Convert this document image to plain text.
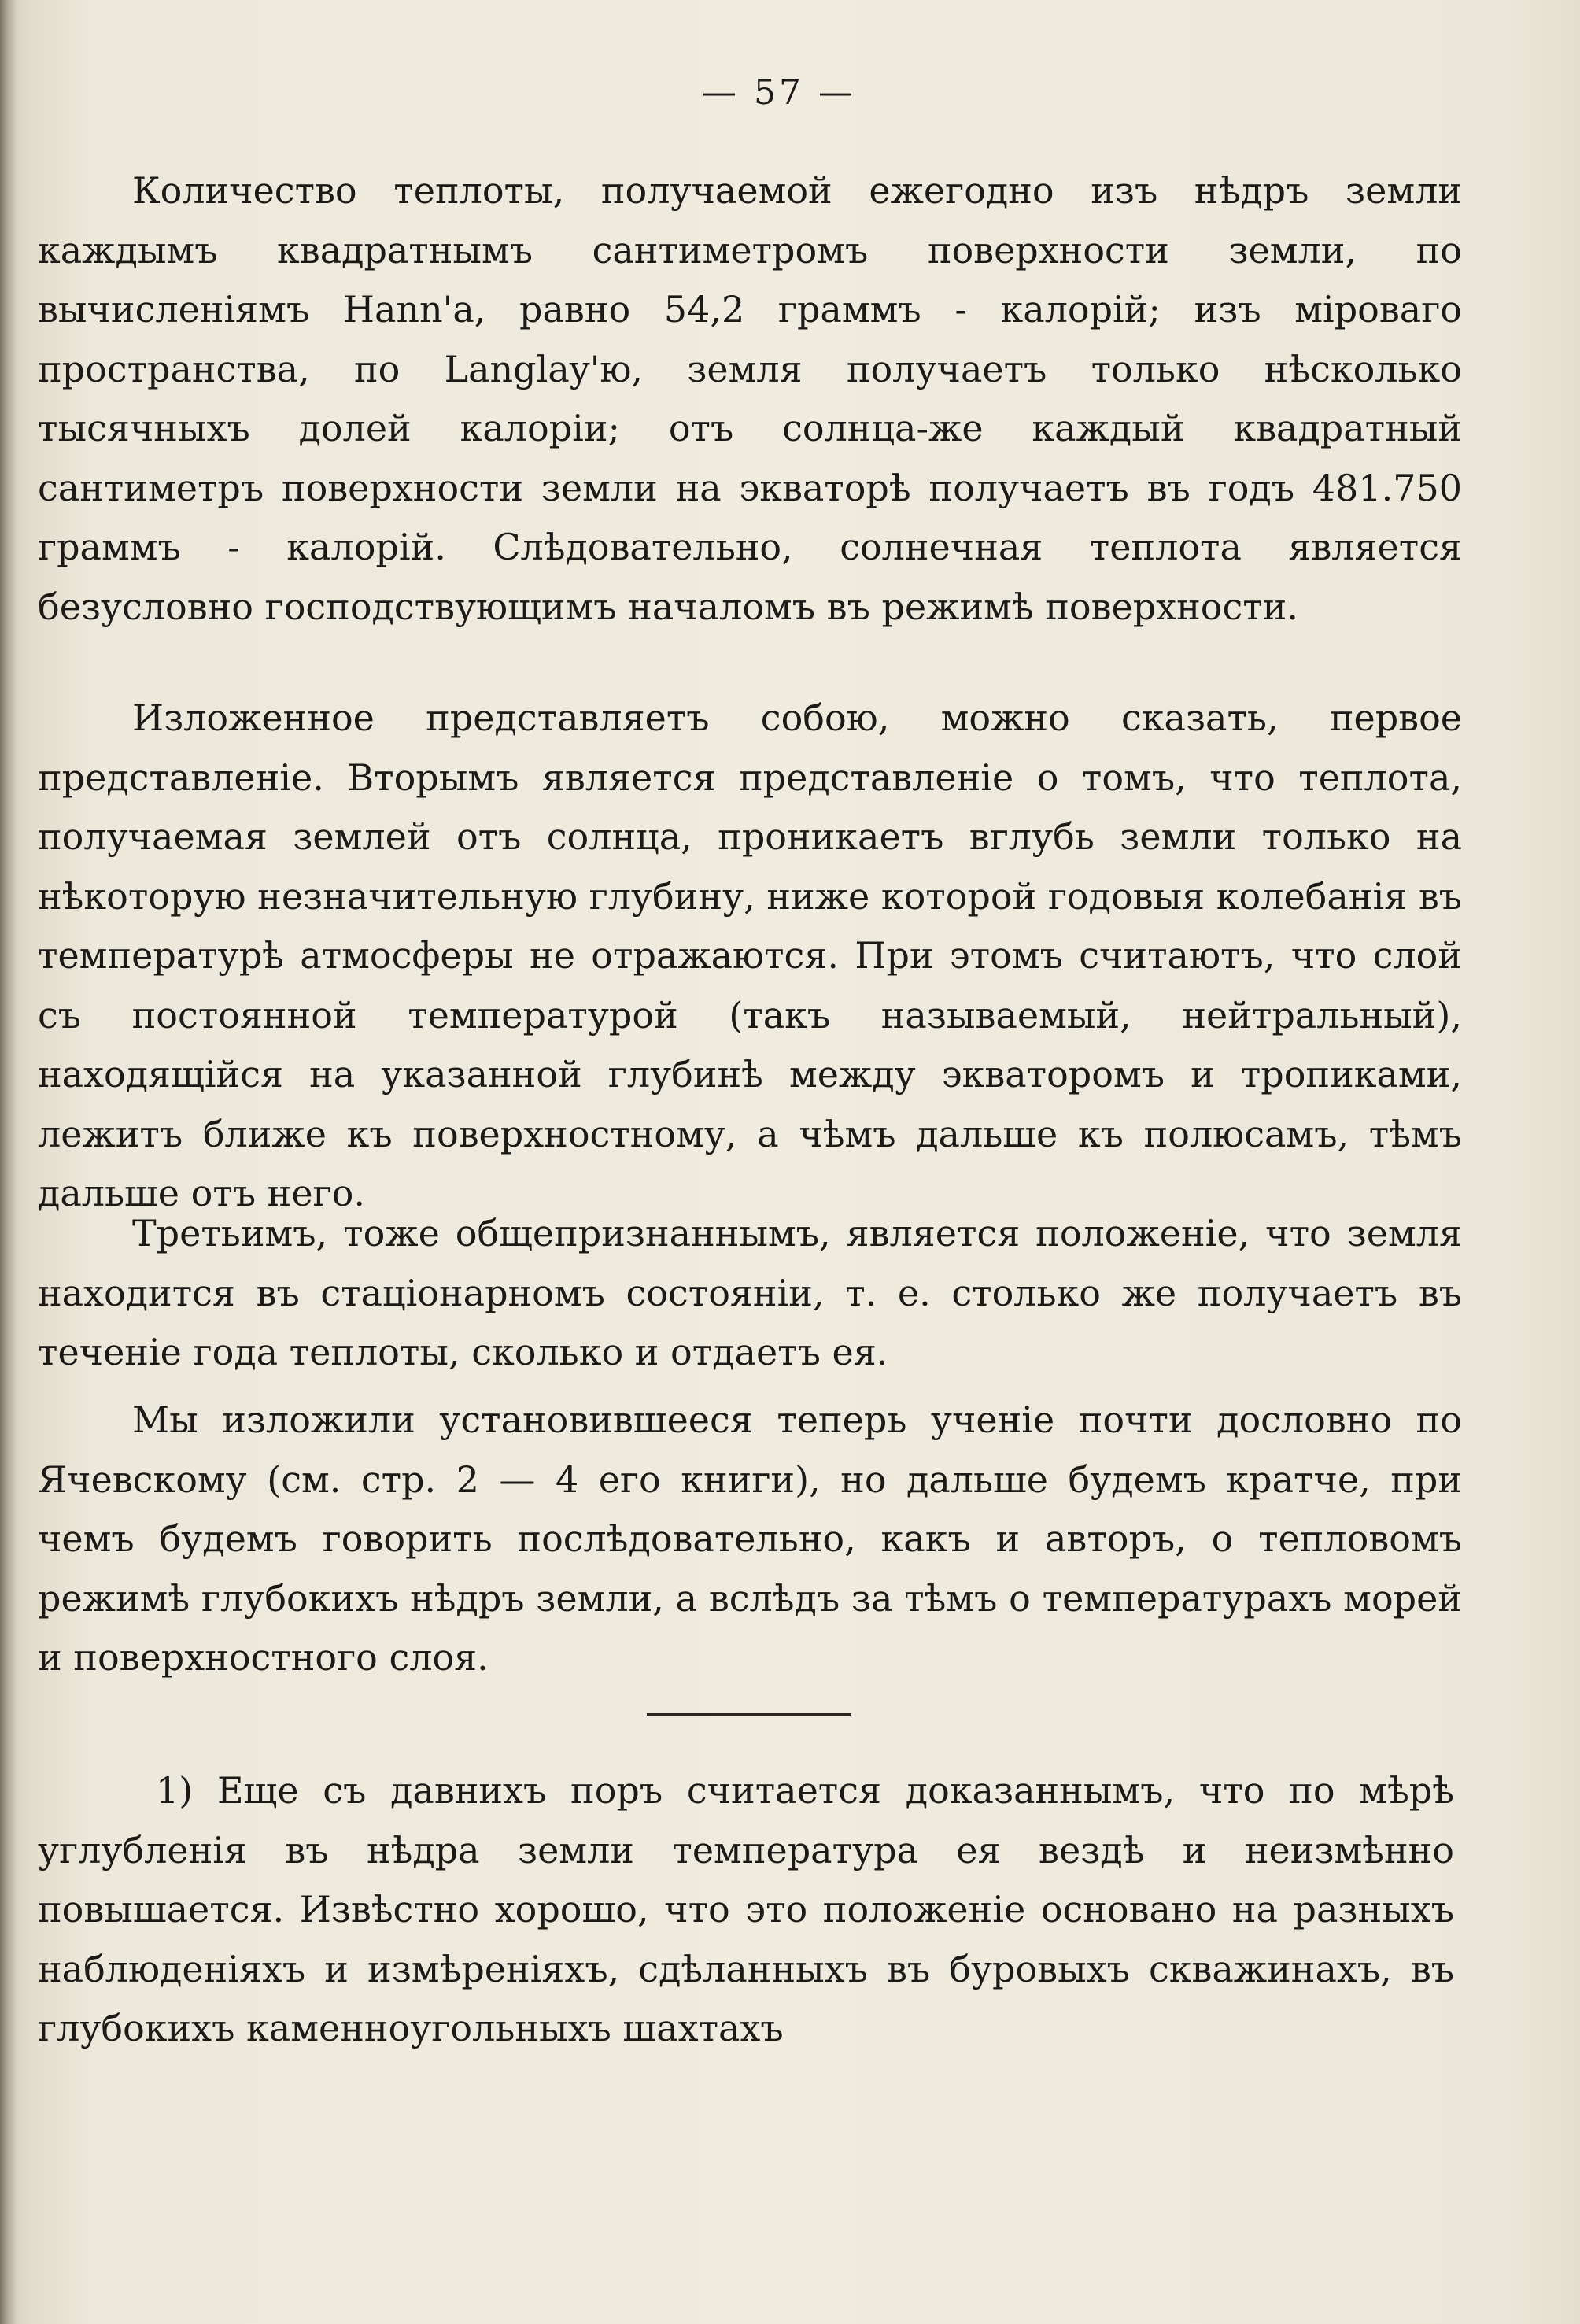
— 57 —

Количество теплоты, получаемой ежегодно изъ нѣдръ земли каждымъ квадратнымъ сантиметромъ поверхности земли, по вычисленіямъ Hann'a, равно 54,2 граммъ - калорій; изъ міроваго пространства, по Langlay'ю, земля получаетъ только нѣсколько тысячныхъ долей калоріи; отъ солнца-же каждый квадратный сантиметръ поверхности земли на экваторѣ получаетъ въ годъ 481.750 граммъ - калорій. Слѣдовательно, солнечная теплота является безусловно господствующимъ началомъ въ режимѣ поверхности.

Изложенное представляетъ собою, можно сказать, первое представленіе. Вторымъ является представленіе о томъ, что теплота, получаемая землей отъ солнца, проникаетъ вглубь земли только на нѣкоторую незначительную глубину, ниже которой годовыя колебанія въ температурѣ атмосферы не отражаются. При этомъ считаютъ, что слой съ постоянной температурой (такъ называемый, нейтральный), находящійся на указанной глубинѣ между экваторомъ и тропиками, лежитъ ближе къ поверхностному, а чѣмъ дальше къ полюсамъ, тѣмъ дальше отъ него.

Третьимъ, тоже общепризнаннымъ, является положеніе, что земля находится въ стаціонарномъ состояніи, т. е. столько же получаетъ въ теченіе года теплоты, сколько и отдаетъ ея.

Мы изложили установившееся теперь ученіе почти дословно по Ячевскому (см. стр. 2 — 4 его книги), но дальше будемъ кратче, при чемъ будемъ говорить послѣдовательно, какъ и авторъ, о тепловомъ режимѣ глубокихъ нѣдръ земли, а вслѣдъ за тѣмъ о температурахъ морей и поверхностного слоя.

1) Еще съ давнихъ поръ считается доказаннымъ, что по мѣрѣ углубленія въ нѣдра земли температура ея вездѣ и неизмѣнно повышается. Извѣстно хорошо, что это положеніе основано на разныхъ наблюденіяхъ и измѣреніяхъ, сдѣланныхъ въ буровыхъ скважинахъ, въ глубокихъ каменноугольныхъ шахтахъ
